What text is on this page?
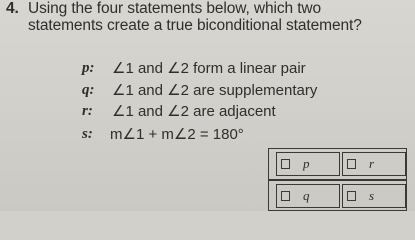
4. Using the four statements below, which two
statements create a true biconditional statement?
p:	∠1 and ∠2 form a linear pair
q:	∠1 and ∠2 are supplementary
r:	∠1 and ∠2 are adjacent
s:	m∠1 + m∠2 = 180°
p	r
q	s
